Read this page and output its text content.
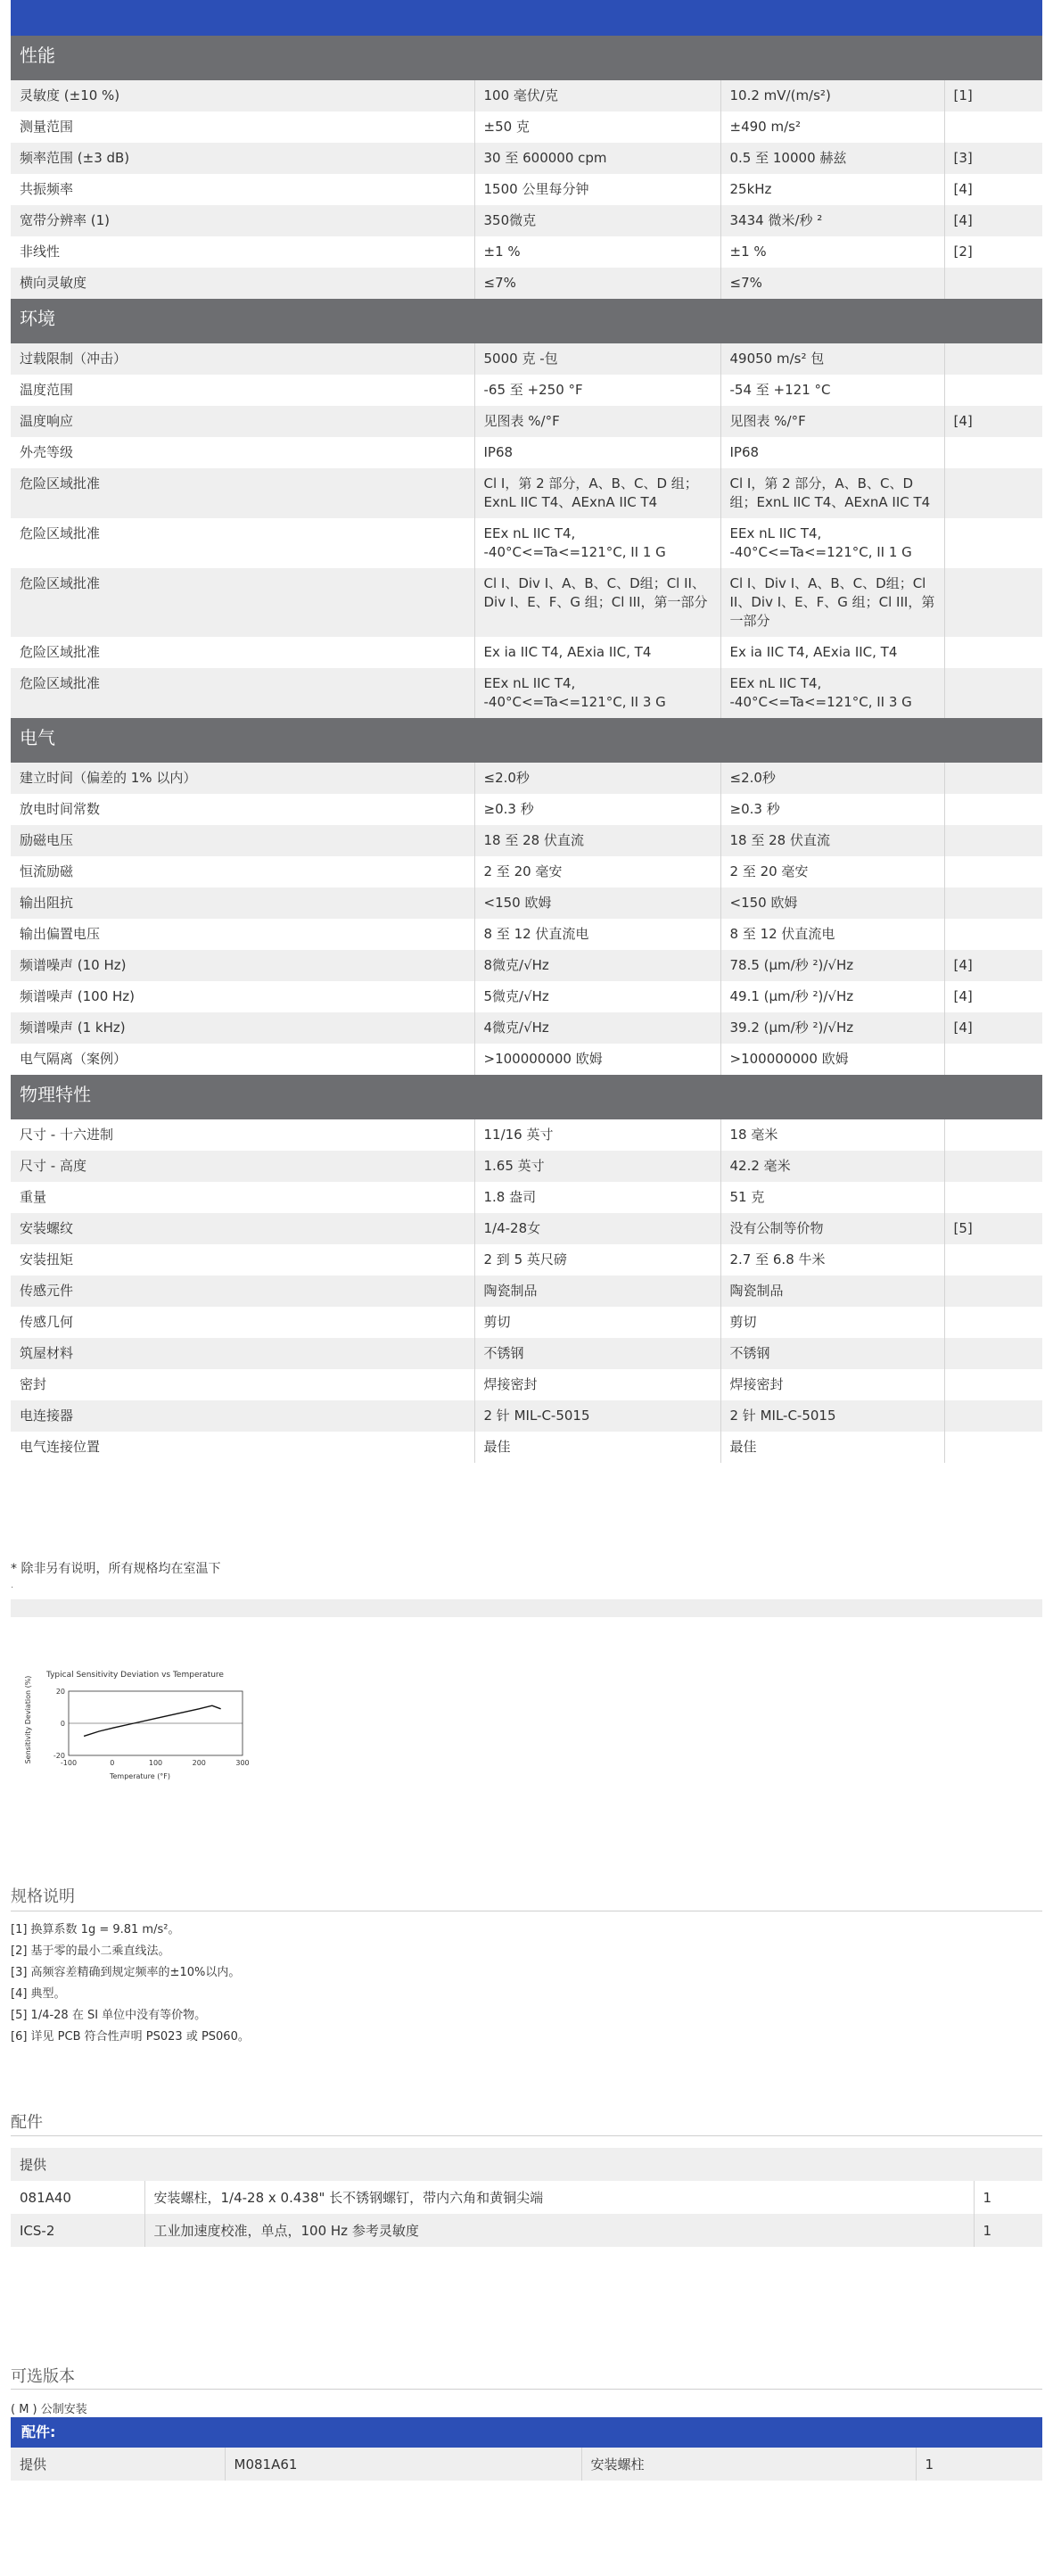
性能			
灵敏度 (±10 %)	100 毫伏/克	10.2 mV/(m/s²)	[1]
测量范围	±50 克	±490 m/s²	
频率范围 (±3 dB)	30 至 600000 cpm	0.5 至 10000 赫兹	[3]
共振频率	1500 公里每分钟	25kHz	[4]
宽带分辨率 (1)	350微克	3434 微米/秒 ²	[4]
非线性	±1 %	±1 %	[2]
横向灵敏度	≤7%	≤7%	
环境			
过载限制（冲击）	5000 克 -包	49050 m/s² 包	
温度范围	-65 至 +250 °F	-54 至 +121 °C	
温度响应	见图表 %/°F	见图表 %/°F	[4]
外壳等级	IP68	IP68	
危险区域批准	Cl I，第 2 部分，A、B、C、D 组；ExnL IIC T4、AExnA IIC T4	Cl I，第 2 部分，A、B、C、D 组；ExnL IIC T4、AExnA IIC T4	
危险区域批准	EEx nL IIC T4, -40°C<=Ta<=121°C, II 1 G	EEx nL IIC T4, -40°C<=Ta<=121°C, II 1 G	
危险区域批准	Cl I、Div I、A、B、C、D组；Cl II、Div I、E、F、G 组；Cl III，第一部分	Cl I、Div I、A、B、C、D组；Cl II、Div I、E、F、G 组；Cl III，第一部分	
危险区域批准	Ex ia IIC T4, AExia IIC, T4	Ex ia IIC T4, AExia IIC, T4	
危险区域批准	EEx nL IIC T4, -40°C<=Ta<=121°C, II 3 G	EEx nL IIC T4, -40°C<=Ta<=121°C, II 3 G	
电气			
建立时间（偏差的 1% 以内）	≤2.0秒	≤2.0秒	
放电时间常数	≥0.3 秒	≥0.3 秒	
励磁电压	18 至 28 伏直流	18 至 28 伏直流	
恒流励磁	2 至 20 毫安	2 至 20 毫安	
输出阻抗	<150 欧姆	<150 欧姆	
输出偏置电压	8 至 12 伏直流电	8 至 12 伏直流电	
频谱噪声 (10 Hz)	8微克/√Hz	78.5 (μm/秒 ²)/√Hz	[4]
频谱噪声 (100 Hz)	5微克/√Hz	49.1 (μm/秒 ²)/√Hz	[4]
频谱噪声 (1 kHz)	4微克/√Hz	39.2 (μm/秒 ²)/√Hz	[4]
电气隔离（案例）	>100000000 欧姆	>100000000 欧姆	
物理特性			
尺寸 - 十六进制	11/16 英寸	18 毫米	
尺寸 - 高度	1.65 英寸	42.2 毫米	
重量	1.8 盎司	51 克	
安装螺纹	1/4-28女	没有公制等价物	[5]
安装扭矩	2 到 5 英尺磅	2.7 至 6.8 牛米	
传感元件	陶瓷制品	陶瓷制品	
传感几何	剪切	剪切	
筑屋材料	不锈钢	不锈钢	
密封	焊接密封	焊接密封	
电连接器	2 针 MIL-C-5015	2 针 MIL-C-5015	
电气连接位置	最佳	最佳	
* 除非另有说明，所有规格均在室温下
.
Typical Sensitivity Deviation vs Temperature
Temperature (°F)
Sensitivity Deviation (%)	-100	0	100	200	300
20
0
-20
规格说明
[1] 换算系数 1g = 9.81 m/s²。
[2] 基于零的最小二乘直线法。
[3] 高频容差精确到规定频率的±10%以内。
[4] 典型。
[5] 1/4-28 在 SI 单位中没有等价物。
[6] 详见 PCB 符合性声明 PS023 或 PS060。
配件
提供		
081A40	安装螺柱，1/4-28 x 0.438" 长不锈钢螺钉，带内六角和黄铜尖端	1
ICS-2	工业加速度校准，单点，100 Hz 参考灵敏度	1
可选版本
( M ) 公制安装
配件:
提供	M081A61	安装螺柱	1
